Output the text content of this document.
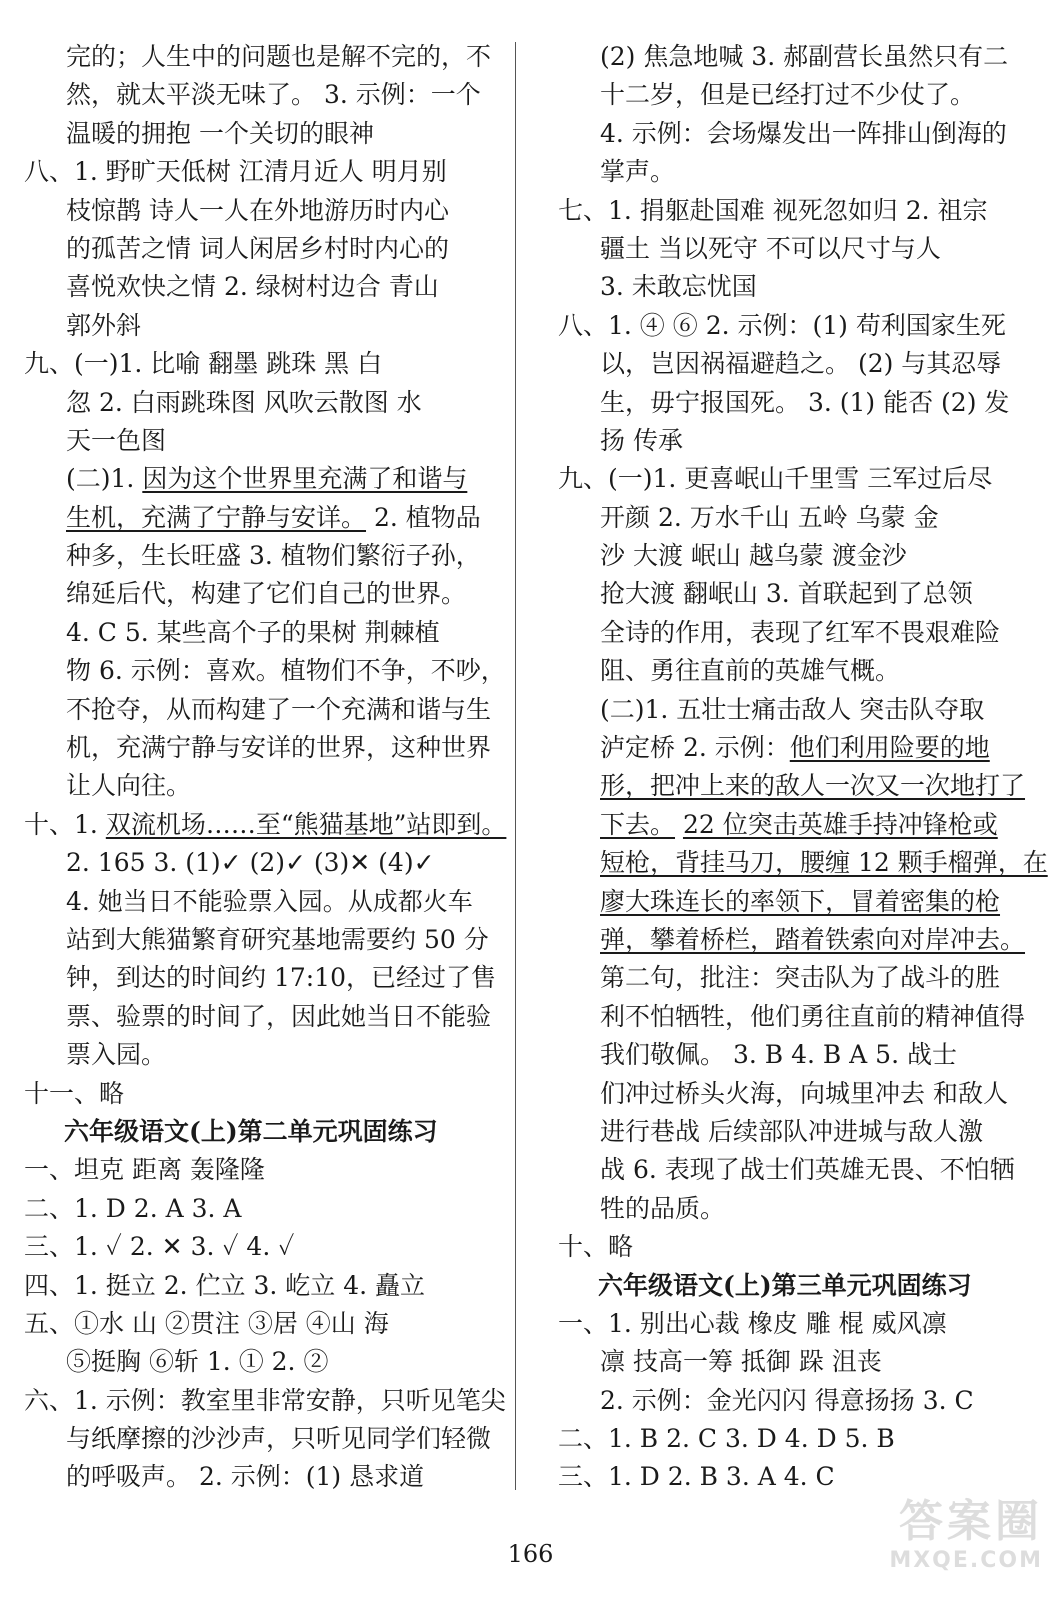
完的；人生中的问题也是解不完的，不
然，就太平淡无味了。 3. 示例：一个
温暖的拥抱 一个关切的眼神
八、1. 野旷天低树 江清月近人 明月别
枝惊鹊 诗人一人在外地游历时内心
的孤苦之情 词人闲居乡村时内心的
喜悦欢快之情 2. 绿树村边合 青山
郭外斜
九、(一)1. 比喻 翻墨 跳珠 黑 白
忽 2. 白雨跳珠图 风吹云散图 水
天一色图
(二)1. 因为这个世界里充满了和谐与
生机，充满了宁静与安详。 2. 植物品
种多，生长旺盛 3. 植物们繁衍子孙，
绵延后代，构建了它们自己的世界。
4. C 5. 某些高个子的果树 荆棘植
物 6. 示例：喜欢。植物们不争，不吵，
不抢夺，从而构建了一个充满和谐与生
机，充满宁静与安详的世界，这种世界
让人向往。
十、1. 双流机场……至“熊猫基地”站即到。
2. 165 3. (1)✓ (2)✓ (3)✕ (4)✓
4. 她当日不能验票入园。从成都火车
站到大熊猫繁育研究基地需要约 50 分
钟，到达的时间约 17:10，已经过了售
票、验票的时间了，因此她当日不能验
票入园。
十一、略
六年级语文(上)第二单元巩固练习
一、坦克 距离 轰隆隆
二、1. D 2. A 3. A
三、1. ✓ 2. ✕ 3. ✓ 4. ✓
四、1. 挺立 2. 伫立 3. 屹立 4. 矗立
五、①水 山 ②贯注 ③居 ④山 海
⑤挺胸 ⑥斩 1. ① 2. ②
六、1. 示例：教室里非常安静，只听见笔尖
与纸摩擦的沙沙声，只听见同学们轻微
的呼吸声。 2. 示例：(1) 恳求道
(2) 焦急地喊 3. 郝副营长虽然只有二
十二岁，但是已经打过不少仗了。
4. 示例：会场爆发出一阵排山倒海的
掌声。
七、1. 捐躯赴国难 视死忽如归 2. 祖宗
疆土 当以死守 不可以尺寸与人
3. 未敢忘忧国
八、1. ④ ⑥ 2. 示例：(1) 苟利国家生死
以，岂因祸福避趋之。 (2) 与其忍辱
生，毋宁报国死。 3. (1) 能否 (2) 发
扬 传承
九、(一)1. 更喜岷山千里雪 三军过后尽
开颜 2. 万水千山 五岭 乌蒙 金
沙 大渡 岷山 越乌蒙 渡金沙
抢大渡 翻岷山 3. 首联起到了总领
全诗的作用，表现了红军不畏艰难险
阻、勇往直前的英雄气概。
(二)1. 五壮士痛击敌人 突击队夺取
泸定桥 2. 示例：他们利用险要的地
形，把冲上来的敌人一次又一次地打了
下去。 22 位突击英雄手持冲锋枪或
短枪，背挂马刀，腰缠 12 颗手榴弹，在
廖大珠连长的率领下，冒着密集的枪
弹，攀着桥栏，踏着铁索向对岸冲去。
第二句，批注：突击队为了战斗的胜
利不怕牺牲，他们勇往直前的精神值得
我们敬佩。 3. B 4. B A 5. 战士
们冲过桥头火海，向城里冲去 和敌人
进行巷战 后续部队冲进城与敌人激
战 6. 表现了战士们英雄无畏、不怕牺
牲的品质。
十、略
六年级语文(上)第三单元巩固练习
一、1. 别出心裁 橡皮 雕 棍 威风凛
凛 技高一筹 抵御 跺 沮丧
2. 示例：金光闪闪 得意扬扬 3. C
二、1. B 2. C 3. D 4. D 5. B
三、1. D 2. B 3. A 4. C
166
答案圈
MXQE.COM
